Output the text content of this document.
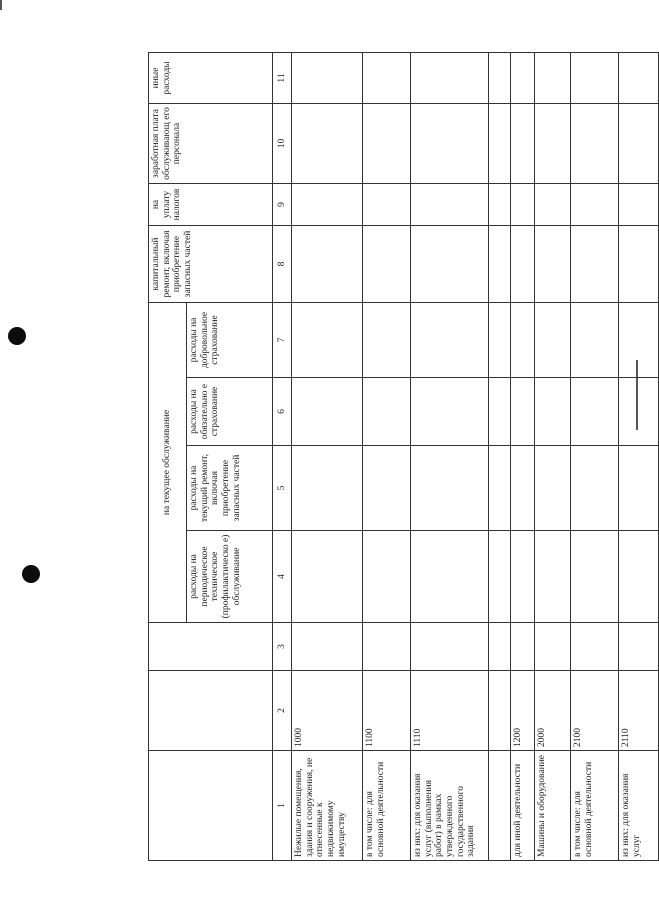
			на текущее обслуживание				капитальный ремонт, включая приобретение запасных частей	на уплату налогов	заработная плата обслуживающ его персонала	иные расходы
			расходы на периодическое техническое (профилактическо е) обслуживание	расходы на текущий ремонт, включая приобретение запасных частей	расходы на обязательно е страхование	расходы на добровольное страхование				
1	2	3	4	5	6	7	8	9	10	11
Нежилые помещения, здания и сооружения, не отнесенные к недвижимому имуществу	1000									
в том числе: для основной деятельности	1100									
из них: для оказания услуг (выполнения работ) в рамках утвержденного государственного задания	1110									

для иной деятельности	1200									
Машины и оборудование	2000									
в том числе: для основной деятельности	2100									
из них: для оказания услуг	2110									
